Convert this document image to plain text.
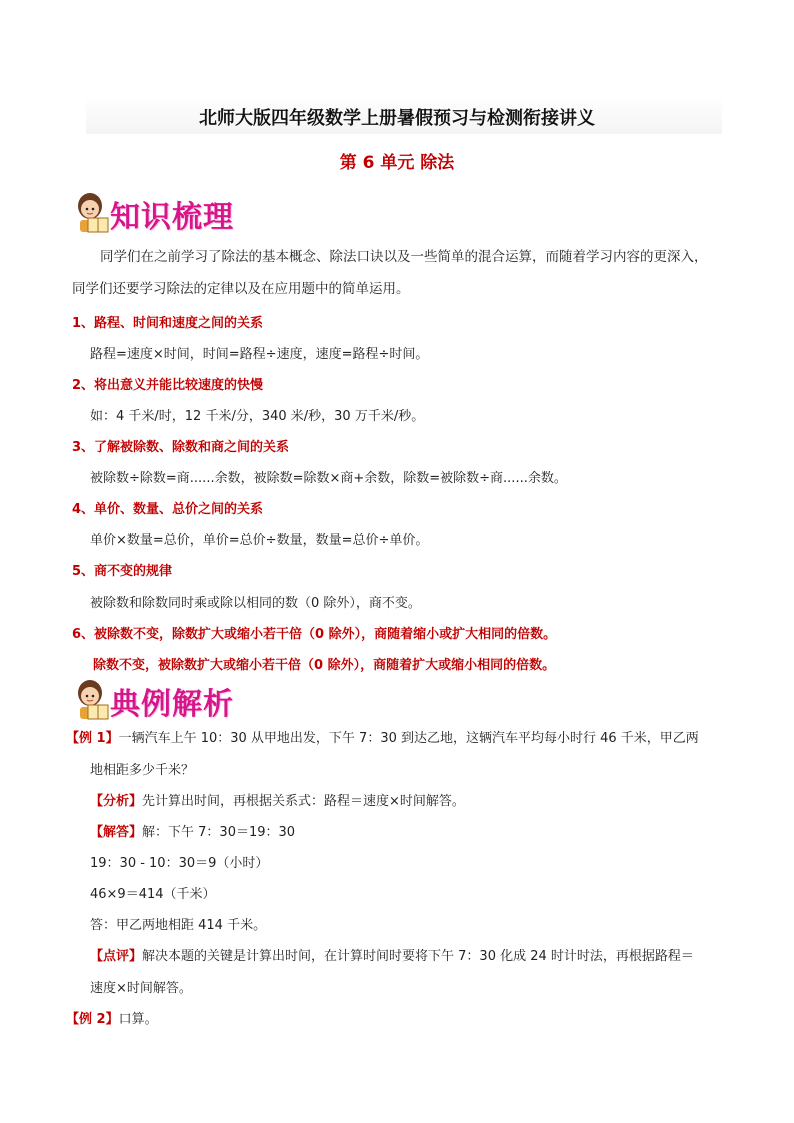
北师大版四年级数学上册暑假预习与检测衔接讲义
第 6 单元 除法
知识梳理
同学们在之前学习了除法的基本概念、除法口诀以及一些简单的混合运算，而随着学习内容的更深入，
同学们还要学习除法的定律以及在应用题中的简单运用。
1、路程、时间和速度之间的关系
路程=速度×时间，时间=路程÷速度，速度=路程÷时间。
2、将出意义并能比较速度的快慢
如：4 千米/时，12 千米/分，340 米/秒，30 万千米/秒。
3、了解被除数、除数和商之间的关系
被除数÷除数=商......余数，被除数=除数×商+余数，除数=被除数÷商......余数。
4、单价、数量、总价之间的关系
单价×数量=总价，单价=总价÷数量，数量=总价÷单价。
5、商不变的规律
被除数和除数同时乘或除以相同的数（0 除外），商不变。
6、被除数不变，除数扩大或缩小若干倍（0 除外），商随着缩小或扩大相同的倍数。
除数不变，被除数扩大或缩小若干倍（0 除外），商随着扩大或缩小相同的倍数。
典例解析
【例 1】一辆汽车上午 10：30 从甲地出发，下午 7：30 到达乙地，这辆汽车平均每小时行 46 千米，甲乙两
地相距多少千米？
【分析】先计算出时间，再根据关系式：路程＝速度×时间解答。
【解答】解：下午 7：30＝19：30
19：30 - 10：30＝9（小时）
46×9＝414（千米）
答：甲乙两地相距 414 千米。
【点评】解决本题的关键是计算出时间，在计算时间时要将下午 7：30 化成 24 时计时法，再根据路程＝
速度×时间解答。
【例 2】口算。
